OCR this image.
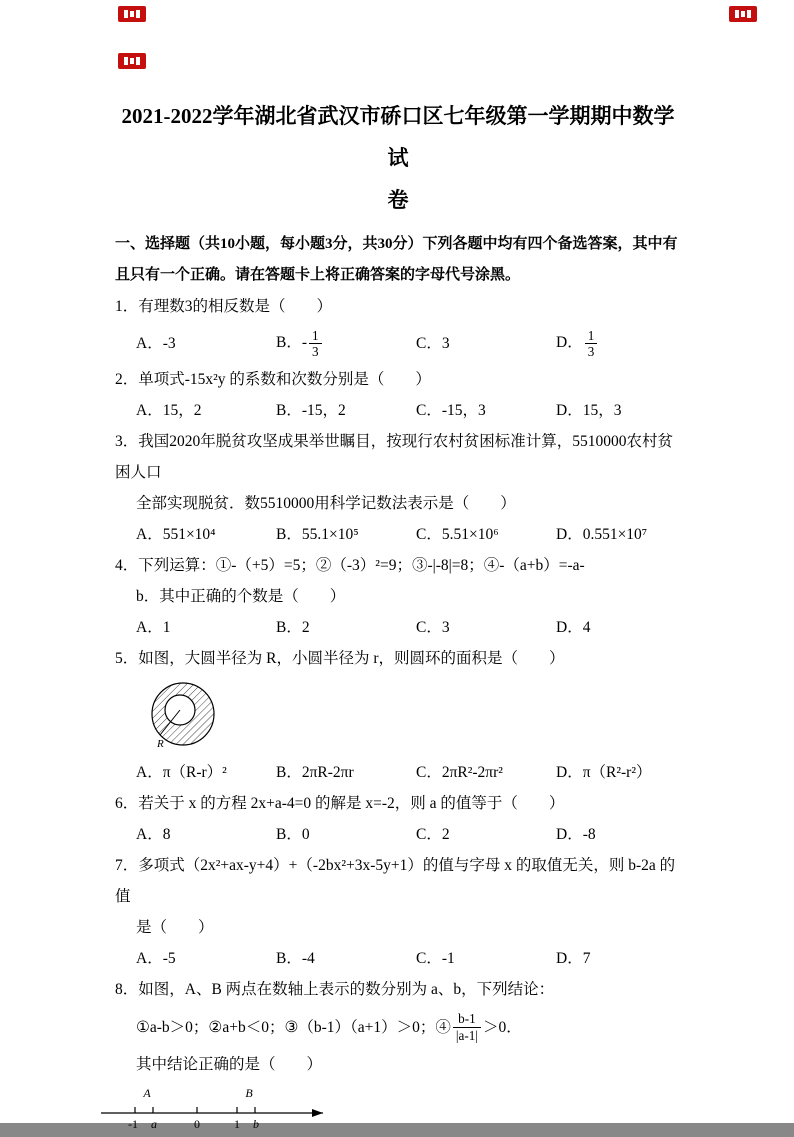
2021-2022学年湖北省武汉市硚口区七年级第一学期期中数学试
卷
一、选择题（共10小题，每小题3分，共30分）下列各题中均有四个备选答案，其中有
且只有一个正确。请在答题卡上将正确答案的字母代号涂黑。
1．有理数3的相反数是（　　）
A．-3	B．- $\frac{1}{3}$	C．3	D． $\frac{1}{3}$
2．单项式-15x²y 的系数和次数分别是（　　）
A．15，2	B．-15，2	C．-15，3	D．15，3
3．我国2020年脱贫攻坚成果举世瞩目，按现行农村贫困标准计算，5510000农村贫困人口
全部实现脱贫．数5510000用科学记数法表示是（　　）
A．551×10⁴	B．55.1×10⁵	C．5.51×10⁶	D．0.551×10⁷
4．下列运算：①-（+5）=5；②（-3）²=9；③-|-8|=8；④-（a+b）=-a-
b．其中正确的个数是（　　）
A．1	B．2	C．3	D．4
5．如图，大圆半径为 R，小圆半径为 r，则圆环的面积是（　　）
R
A．π（R-r）²	B．2πR-2πr	C．2πR²-2πr²	D．π（R²-r²）
6．若关于 x 的方程 2x+a-4=0 的解是 x=-2，则 a 的值等于（　　）
A．8	B．0	C．2	D．-8
7．多项式（2x²+ax-y+4）+（-2bx²+3x-5y+1）的值与字母 x 的取值无关，则 b-2a 的值
是（　　）
A．-5	B．-4	C．-1	D．7
8．如图，A、B 两点在数轴上表示的数分别为 a、b，下列结论：
①a-b＞0；②a+b＜0；③（b-1）（a+1）＞0；④ $\frac{b-1}{|a-1|} >0$．
其中结论正确的是（　　）
A	B
-1 a	0	1 b
